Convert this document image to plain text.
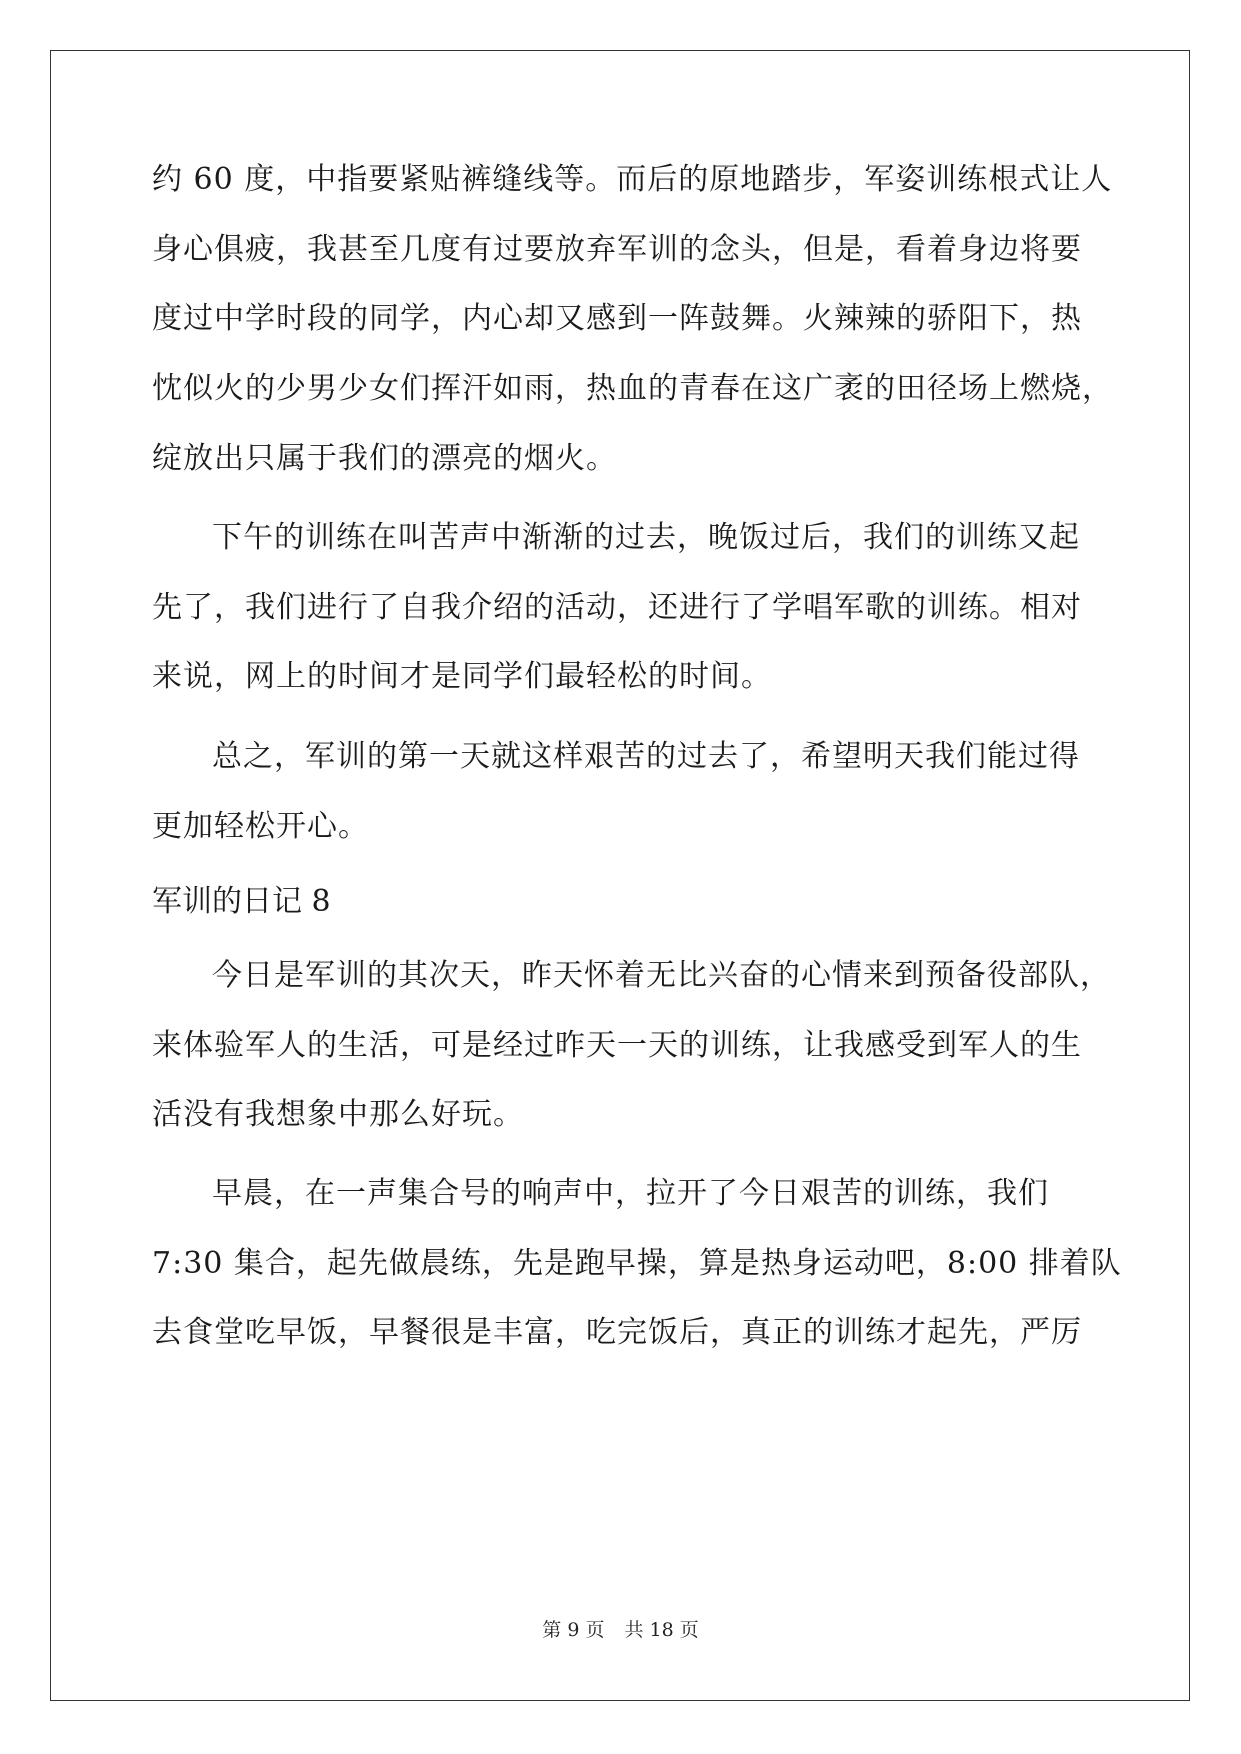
约 60 度，中指要紧贴裤缝线等。而后的原地踏步，军姿训练根式让人
身心俱疲，我甚至几度有过要放弃军训的念头，但是，看着身边将要
度过中学时段的同学，内心却又感到一阵鼓舞。火辣辣的骄阳下，热
忱似火的少男少女们挥汗如雨，热血的青春在这广袤的田径场上燃烧，
绽放出只属于我们的漂亮的烟火。
下午的训练在叫苦声中渐渐的过去，晚饭过后，我们的训练又起
先了，我们进行了自我介绍的活动，还进行了学唱军歌的训练。相对
来说，网上的时间才是同学们最轻松的时间。
总之，军训的第一天就这样艰苦的过去了，希望明天我们能过得
更加轻松开心。
军训的日记 8
今日是军训的其次天，昨天怀着无比兴奋的心情来到预备役部队，
来体验军人的生活，可是经过昨天一天的训练，让我感受到军人的生
活没有我想象中那么好玩。
早晨，在一声集合号的响声中，拉开了今日艰苦的训练，我们
7:30 集合，起先做晨练，先是跑早操，算是热身运动吧，8:00 排着队
去食堂吃早饭，早餐很是丰富，吃完饭后，真正的训练才起先，严厉
第 9 页 共 18 页
